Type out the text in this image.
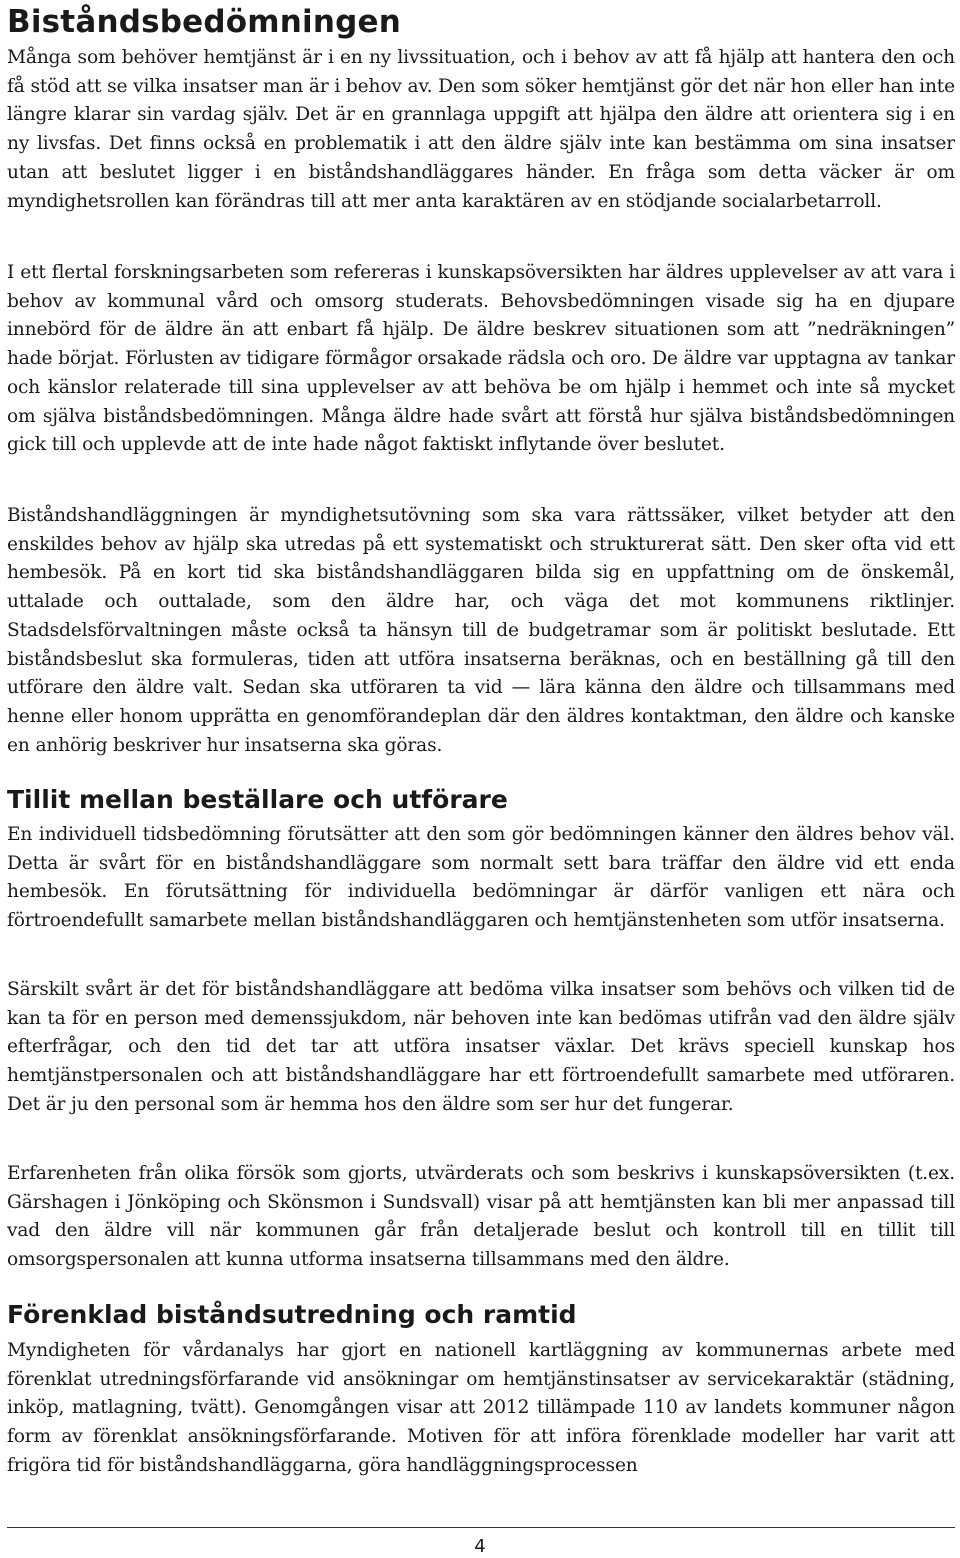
Biståndsbedömningen

Många som behöver hemtjänst är i en ny livssituation, och i behov av att få hjälp att hantera den och få stöd att se vilka insatser man är i behov av. Den som söker hemtjänst gör det när hon eller han inte längre klarar sin vardag själv. Det är en grannlaga uppgift att hjälpa den äldre att orientera sig i en ny livsfas. Det finns också en problematik i att den äldre själv inte kan bestämma om sina insatser utan att beslutet ligger i en biståndshandläggares händer. En fråga som detta väcker är om myndighetsrollen kan förändras till att mer anta karaktären av en stödjande socialarbetarroll.

I ett flertal forskningsarbeten som refereras i kunskapsöversikten har äldres upplevelser av att vara i behov av kommunal vård och omsorg studerats. Behovsbedömningen visade sig ha en djupare innebörd för de äldre än att enbart få hjälp. De äldre beskrev situationen som att ”nedräkningen” hade börjat. Förlusten av tidigare förmågor orsakade rädsla och oro. De äldre var upptagna av tankar och känslor relaterade till sina upplevelser av att behöva be om hjälp i hemmet och inte så mycket om själva biståndsbedömningen. Många äldre hade svårt att förstå hur själva biståndsbedömningen gick till och upplevde att de inte hade något faktiskt inflytande över beslutet.

Biståndshandläggningen är myndighetsutövning som ska vara rättssäker, vilket betyder att den enskildes behov av hjälp ska utredas på ett systematiskt och strukturerat sätt. Den sker ofta vid ett hembesök. På en kort tid ska biståndshandläggaren bilda sig en uppfattning om de önskemål, uttalade och outtalade, som den äldre har, och väga det mot kommunens riktlinjer. Stadsdelsförvaltningen måste också ta hänsyn till de budgetramar som är politiskt beslutade. Ett biståndsbeslut ska formuleras, tiden att utföra insatserna beräknas, och en beställning gå till den utförare den äldre valt. Sedan ska utföraren ta vid — lära känna den äldre och tillsammans med henne eller honom upprätta en genomförandeplan där den äldres kontaktman, den äldre och kanske en anhörig beskriver hur insatserna ska göras.

Tillit mellan beställare och utförare

En individuell tidsbedömning förutsätter att den som gör bedömningen känner den äldres behov väl. Detta är svårt för en biståndshandläggare som normalt sett bara träffar den äldre vid ett enda hembesök. En förutsättning för individuella bedömningar är därför vanligen ett nära och förtroendefullt samarbete mellan biståndshandläggaren och hemtjänstenheten som utför insatserna.

Särskilt svårt är det för biståndshandläggare att bedöma vilka insatser som behövs och vilken tid de kan ta för en person med demenssjukdom, när behoven inte kan bedömas utifrån vad den äldre själv efterfrågar, och den tid det tar att utföra insatser växlar. Det krävs speciell kunskap hos hemtjänstpersonalen och att biståndshandläggare har ett förtroendefullt samarbete med utföraren. Det är ju den personal som är hemma hos den äldre som ser hur det fungerar.

Erfarenheten från olika försök som gjorts, utvärderats och som beskrivs i kunskapsöversikten (t.ex. Gärshagen i Jönköping och Skönsmon i Sundsvall) visar på att hemtjänsten kan bli mer anpassad till vad den äldre vill när kommunen går från detaljerade beslut och kontroll till en tillit till omsorgspersonalen att kunna utforma insatserna tillsammans med den äldre.

Förenklad biståndsutredning och ramtid

Myndigheten för vårdanalys har gjort en nationell kartläggning av kommunernas arbete med förenklat utredningsförfarande vid ansökningar om hemtjänstinsatser av servicekaraktär (städning, inköp, matlagning, tvätt). Genomgången visar att 2012 tillämpade 110 av landets kommuner någon form av förenklat ansökningsförfarande. Motiven för att införa förenklade modeller har varit att frigöra tid för biståndshandläggarna, göra handläggningsprocessen

4
